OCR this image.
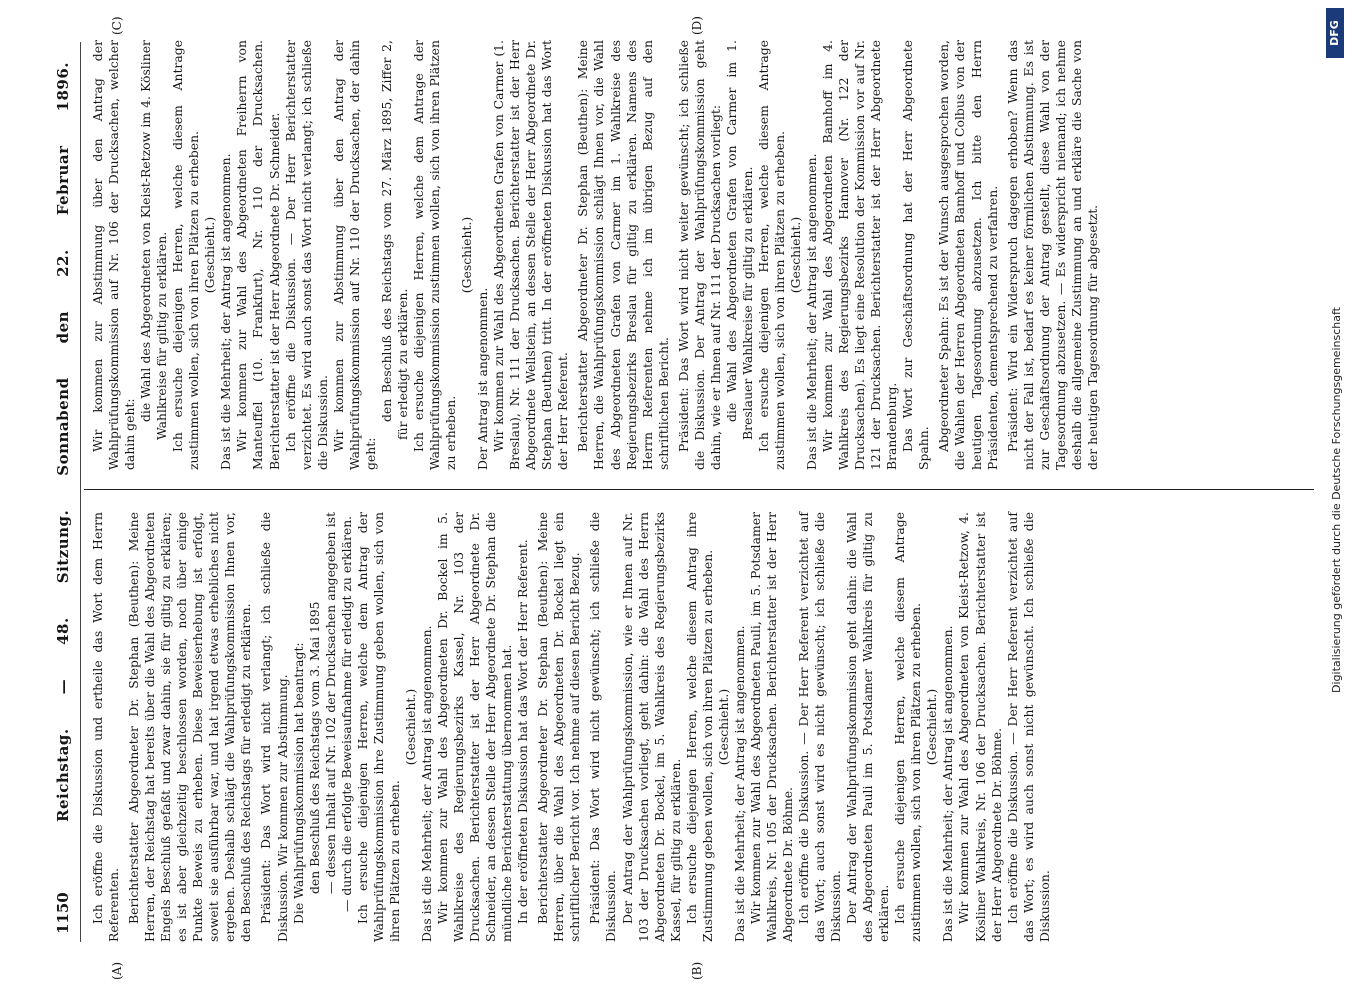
1150
Reichstag. — 48. Sitzung. Sonnabend den 22. Februar 1896.
(A)	(B)
(C)	(D)

Ich eröffne die Diskussion und ertheile das Wort dem Herrn Referenten. Berichterstatter Abgeordneter Dr. Stephan (Beuthen): Meine Herren, der Reichstag hat bereits über die Wahl des Abgeordneten Engels Beschluß gefaßt und zwar dahin, sie für giltig zu erklären; es ist aber gleichzeitig beschlossen worden, noch über einige Punkte Beweis zu erheben. Diese Beweiserhebung ist erfolgt, soweit sie ausführbar war, und hat irgend etwas erhebliches nicht ergeben. Deshalb schlägt die Wahlprüfungskommission Ihnen vor, den Beschluß des Reichstags für erledigt zu erklären. Präsident: Das Wort wird nicht verlangt; ich schließe die Diskussion. Wir kommen zur Abstimmung. Die Wahlprüfungskommission hat beantragt: den Beschluß des Reichstags vom 3. Mai 1895 — dessen Inhalt auf Nr. 102 der Drucksachen angegeben ist — durch die erfolgte Beweisaufnahme für erledigt zu erklären. Ich ersuche diejenigen Herren, welche dem Antrag der Wahlprüfungskommission ihre Zustimmung geben wollen, sich von ihren Plätzen zu erheben.

(Geschieht.) Das ist die Mehrheit; der Antrag ist angenommen. Wir kommen zur Wahl des Abgeordneten Dr. Bockel im 5. Wahlkreise des Regierungsbezirks Kassel, Nr. 103 der Drucksachen. Berichterstatter ist der Herr Abgeordnete Dr. Schneider, an dessen Stelle der Herr Abgeordnete Dr. Stephan die mündliche Berichterstattung übernommen hat. In der eröffneten Diskussion hat das Wort der Herr Referent. Berichterstatter Abgeordneter Dr. Stephan (Beuthen): Meine Herren, über die Wahl des Abgeordneten Dr. Bockel liegt ein schriftlicher Bericht vor. Ich nehme auf diesen Bericht Bezug. Präsident: Das Wort wird nicht gewünscht; ich schließe die Diskussion. Der Antrag der Wahlprüfungskommission, wie er Ihnen auf Nr. 103 der Drucksachen vorliegt, geht dahin: die Wahl des Herrn Abgeordneten Dr. Bockel, im 5. Wahlkreis des Regierungsbezirks Kassel, für giltig zu erklären. Ich ersuche diejenigen Herren, welche diesem Antrag ihre Zustimmung geben wollen, sich von ihren Plätzen zu erheben. (Geschieht.) Das ist die Mehrheit; der Antrag ist angenommen. Wir kommen zur Wahl des Abgeordneten Pauli, im 5. Potsdamer Wahlkreis, Nr. 105 der Drucksachen. Berichterstatter ist der Herr Abgeordnete Dr. Böhme. Ich eröffne die Diskussion. — Der Herr Referent verzichtet auf das Wort; auch sonst wird es nicht gewünscht; ich schließe die Diskussion. Der Antrag der Wahlprüfungskommission geht dahin: die Wahl des Abgeordneten Pauli im 5. Potsdamer Wahlkreis für giltig zu erklären. Ich ersuche diejenigen Herren, welche diesem Antrage zustimmen wollen, sich von ihren Plätzen zu erheben. (Geschieht.) Das ist die Mehrheit; der Antrag ist angenommen. Wir kommen zur Wahl des Abgeordneten von Kleist-Retzow, 4. Kösliner Wahlkreis, Nr. 106 der Drucksachen. Berichterstatter ist der Herr Abgeordnete Dr. Böhme. Ich eröffne die Diskussion. — Der Herr Referent verzichtet auf das Wort; es wird auch sonst nicht gewünscht. Ich schließe die Diskussion.

Wir kommen zur Abstimmung über den Antrag der Wahlprüfungskommission auf Nr. 106 der Drucksachen, welcher dahin geht:

die Wahl des Abgeordneten von Kleist-Retzow im 4. Kösliner Wahlkreise für giltig zu erklären. Ich ersuche diejenigen Herren, welche diesem Antrage zustimmen wollen, sich von ihren Plätzen zu erheben. (Geschieht.) Das ist die Mehrheit; der Antrag ist angenommen. Wir kommen zur Wahl des Abgeordneten Freiherrn von Manteuffel (10. Frankfurt), Nr. 110 der Drucksachen. Berichterstatter ist der Herr Abgeordnete Dr. Schneider. Ich eröffne die Diskussion. — Der Herr Berichterstatter verzichtet. Es wird auch sonst das Wort nicht verlangt; ich schließe die Diskussion. Wir kommen zur Abstimmung über den Antrag der Wahlprüfungskommission auf Nr. 110 der Drucksachen, der dahin geht:

den Beschluß des Reichstags vom 27. März 1895, Ziffer 2, für erledigt zu erklären. Ich ersuche diejenigen Herren, welche dem Antrage der Wahlprüfungskommission zustimmen wollen, sich von ihren Plätzen zu erheben.

(Geschieht.)

Der Antrag ist angenommen. Wir kommen zur Wahl des Abgeordneten Grafen von Carmer (1. Breslau), Nr. 111 der Drucksachen. Berichterstatter ist der Herr Abgeordnete Wellstein, an dessen Stelle der Herr Abgeordnete Dr. Stephan (Beuthen) tritt. In der eröffneten Diskussion hat das Wort der Herr Referent. Berichterstatter Abgeordneter Dr. Stephan (Beuthen): Meine Herren, die Wahlprüfungskommission schlägt Ihnen vor, die Wahl des Abgeordneten Grafen von Carmer im 1. Wahlkreise des Regierungsbezirks Breslau für giltig zu erklären. Namens des Herrn Referenten nehme ich im übrigen Bezug auf den schriftlichen Bericht. Präsident: Das Wort wird nicht weiter gewünscht; ich schließe die Diskussion. Der Antrag der Wahlprüfungskommission geht dahin, wie er Ihnen auf Nr. 111 der Drucksachen vorliegt: die Wahl des Abgeordneten Grafen von Carmer im 1. Breslauer Wahlkreise für giltig zu erklären. Ich ersuche diejenigen Herren, welche diesem Antrage zustimmen wollen, sich von ihren Plätzen zu erheben. (Geschieht.) Das ist die Mehrheit; der Antrag ist angenommen. Wir kommen zur Wahl des Abgeordneten Bamhoff im 4. Wahlkreis des Regierungsbezirks Hannover (Nr. 122 der Drucksachen). Es liegt eine Resolution der Kommission vor auf Nr. 121 der Drucksachen. Berichterstatter ist der Herr Abgeordnete Brandenburg. Das Wort zur Geschäftsordnung hat der Herr Abgeordnete Spahn. Abgeordneter Spahn: Es ist der Wunsch ausgesprochen worden, die Wahlen der Herren Abgeordneten Bamhoff und Colbus von der heutigen Tagesordnung abzusetzen. Ich bitte den Herrn Präsidenten, dementsprechend zu verfahren. Präsident: Wird ein Widerspruch dagegen erhoben? Wenn das nicht der Fall ist, bedarf es keiner förmlichen Abstimmung. Es ist zur Geschäftsordnung der Antrag gestellt, diese Wahl von der Tagesordnung abzusetzen. — Es widerspricht niemand; ich nehme deshalb die allgemeine Zustimmung an und erkläre die Sache von der heutigen Tagesordnung für abgesetzt.	Digitalisierung gefördert durch die Deutsche Forschungsgemeinschaft
DFG
